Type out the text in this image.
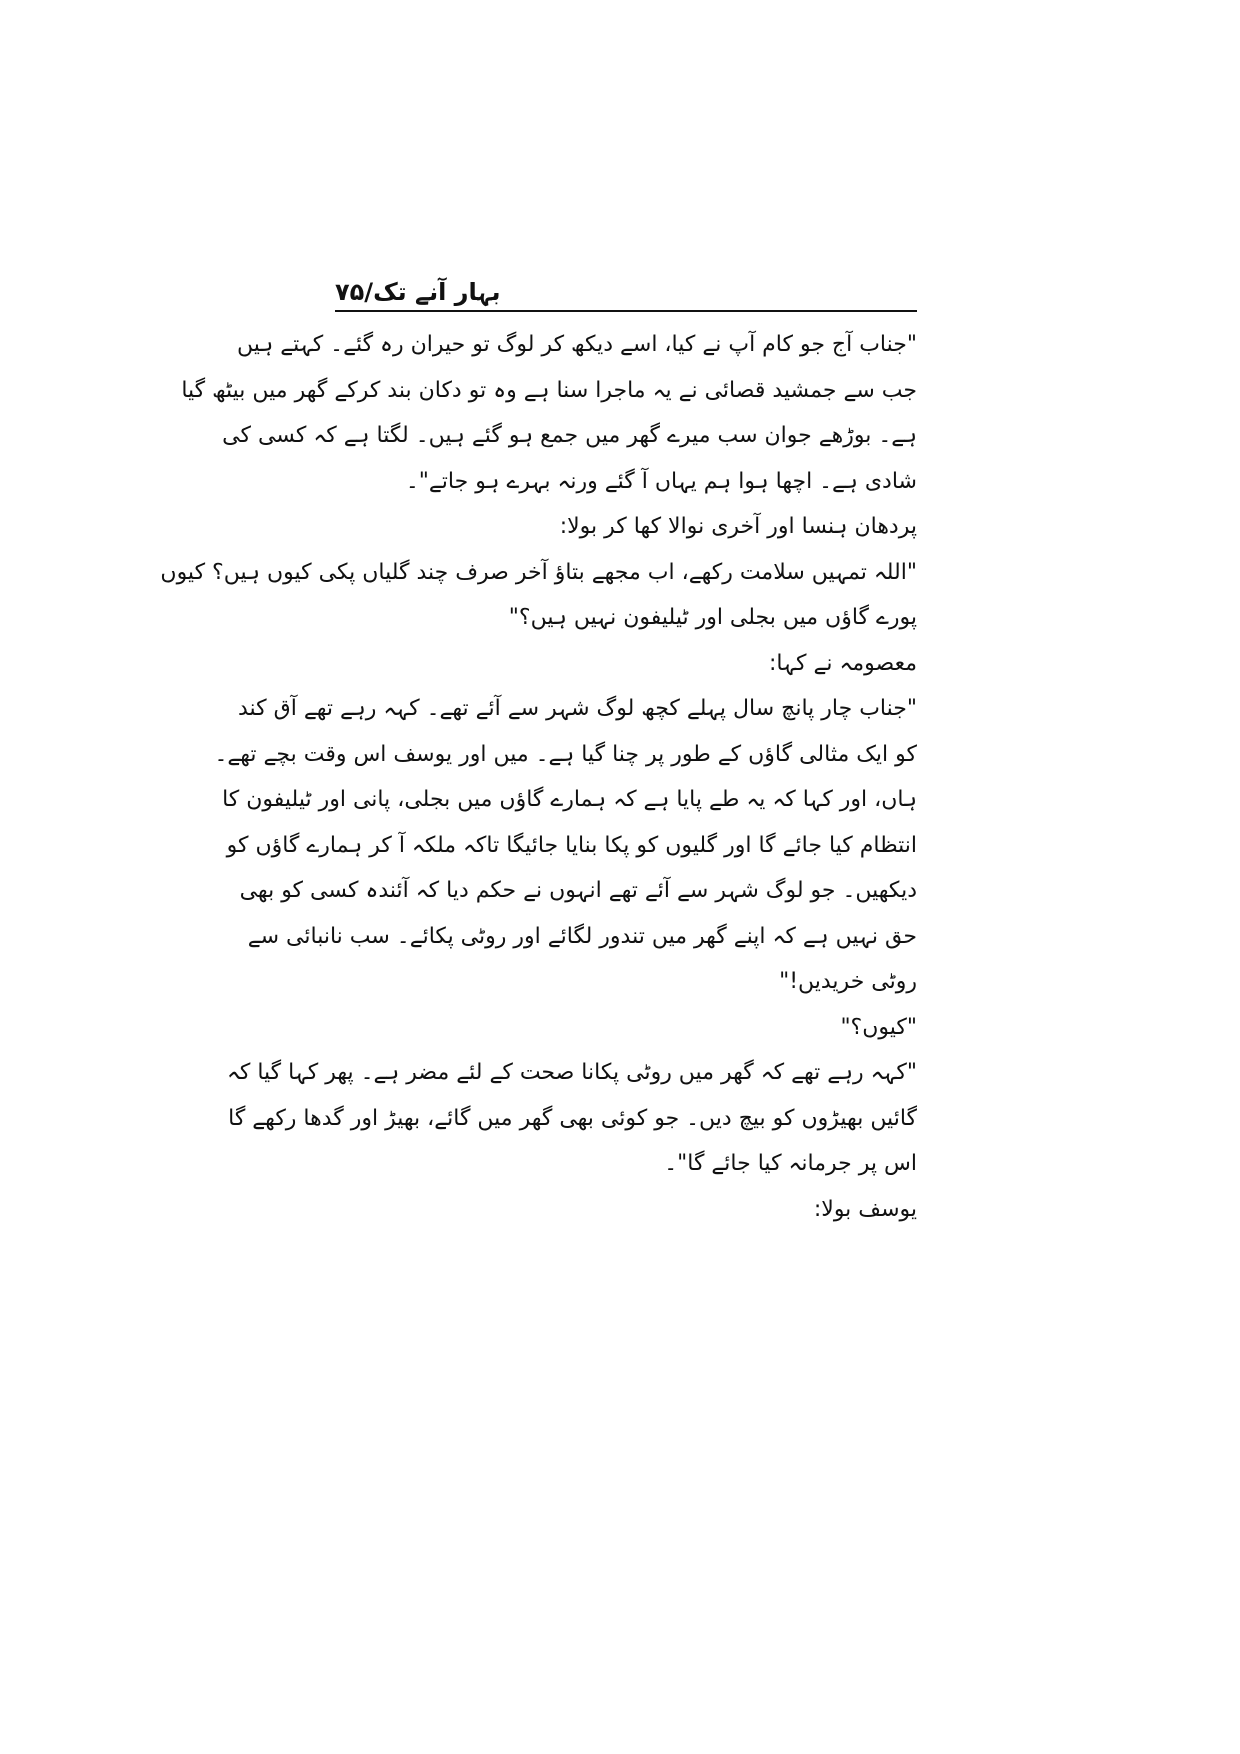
بہار آنے تک/۷۵
"جناب آج جو کام آپ نے کیا، اسے دیکھ کر لوگ تو حیران رہ گئے۔ کہتے ہیں
جب سے جمشید قصائی نے یہ ماجرا سنا ہے وہ تو دکان بند کرکے گھر میں بیٹھ گیا
ہے۔ بوڑھے جوان سب میرے گھر میں جمع ہو گئے ہیں۔ لگتا ہے کہ کسی کی
شادی ہے۔ اچھا ہوا ہم یہاں آ گئے ورنہ بہرے ہو جاتے"۔
پردھان ہنسا اور آخری نوالا کھا کر بولا:
"اللہ تمہیں سلامت رکھے، اب مجھے بتاؤ آخر صرف چند گلیاں پکی کیوں ہیں؟ کیوں
پورے گاؤں میں بجلی اور ٹیلیفون نہیں ہیں؟"
معصومہ نے کہا:
"جناب چار پانچ سال پہلے کچھ لوگ شہر سے آئے تھے۔ کہہ رہے تھے آق کند
کو ایک مثالی گاؤں کے طور پر چنا گیا ہے۔ میں اور یوسف اس وقت بچے تھے۔
ہاں، اور کہا کہ یہ طے پایا ہے کہ ہمارے گاؤں میں بجلی، پانی اور ٹیلیفون کا
انتظام کیا جائے گا اور گلیوں کو پکا بنایا جائیگا تاکہ ملکہ آ کر ہمارے گاؤں کو
دیکھیں۔ جو لوگ شہر سے آئے تھے انہوں نے حکم دیا کہ آئندہ کسی کو بھی
حق نہیں ہے کہ اپنے گھر میں تندور لگائے اور روٹی پکائے۔ سب نانبائی سے
روٹی خریدیں!"
"کیوں؟"
"کہہ رہے تھے کہ گھر میں روٹی پکانا صحت کے لئے مضر ہے۔ پھر کہا گیا کہ
گائیں بھیڑوں کو بیچ دیں۔ جو کوئی بھی گھر میں گائے، بھیڑ اور گدھا رکھے گا
اس پر جرمانہ کیا جائے گا"۔
یوسف بولا:
